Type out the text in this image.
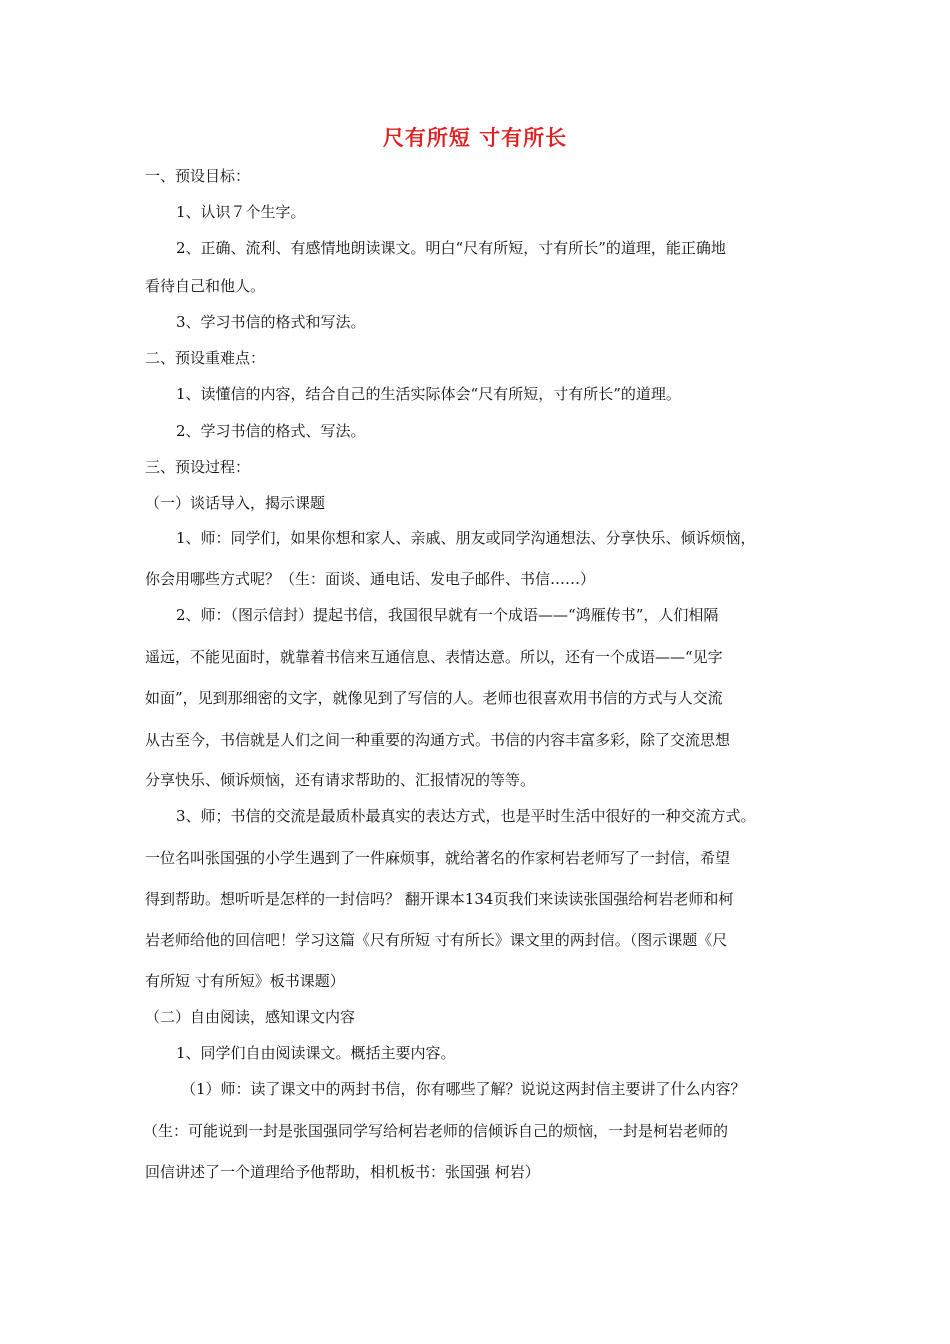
尺有所短 寸有所长
一、预设目标：
1、认识７个生字。
2、正确、流利、有感情地朗读课文。明白“尺有所短，寸有所长”的道理，能正确地
看待自己和他人。
3、学习书信的格式和写法。
二、预设重难点：
1、读懂信的内容，结合自己的生活实际体会“尺有所短，寸有所长”的道理。
2、学习书信的格式、写法。
三、预设过程：
（一）谈话导入，揭示课题
1、师：同学们，如果你想和家人、亲戚、朋友或同学沟通想法、分享快乐、倾诉烦恼，
你会用哪些方式呢？（生：面谈、通电话、发电子邮件、书信……）
2、师：（图示信封）提起书信，我国很早就有一个成语——“鸿雁传书”，人们相隔
遥远，不能见面时，就靠着书信来互通信息、表情达意。所以，还有一个成语——“见字
如面”，见到那细密的文字，就像见到了写信的人。老师也很喜欢用书信的方式与人交流
从古至今，书信就是人们之间一种重要的沟通方式。书信的内容丰富多彩，除了交流思想
分享快乐、倾诉烦恼，还有请求帮助的、汇报情况的等等。
3、师；书信的交流是最质朴最真实的表达方式，也是平时生活中很好的一种交流方式。
一位名叫张国强的小学生遇到了一件麻烦事，就给著名的作家柯岩老师写了一封信，希望
得到帮助。想听听是怎样的一封信吗？ 翻开课本134页我们来读读张国强给柯岩老师和柯
岩老师给他的回信吧！学习这篇《尺有所短 寸有所长》课文里的两封信。（图示课题《尺
有所短 寸有所短》板书课题）
（二）自由阅读，感知课文内容
1、同学们自由阅读课文。概括主要内容。
（1）师：读了课文中的两封书信，你有哪些了解？说说这两封信主要讲了什么内容？
（生：可能说到一封是张国强同学写给柯岩老师的信倾诉自己的烦恼，一封是柯岩老师的
回信讲述了一个道理给予他帮助，相机板书：张国强 柯岩）
